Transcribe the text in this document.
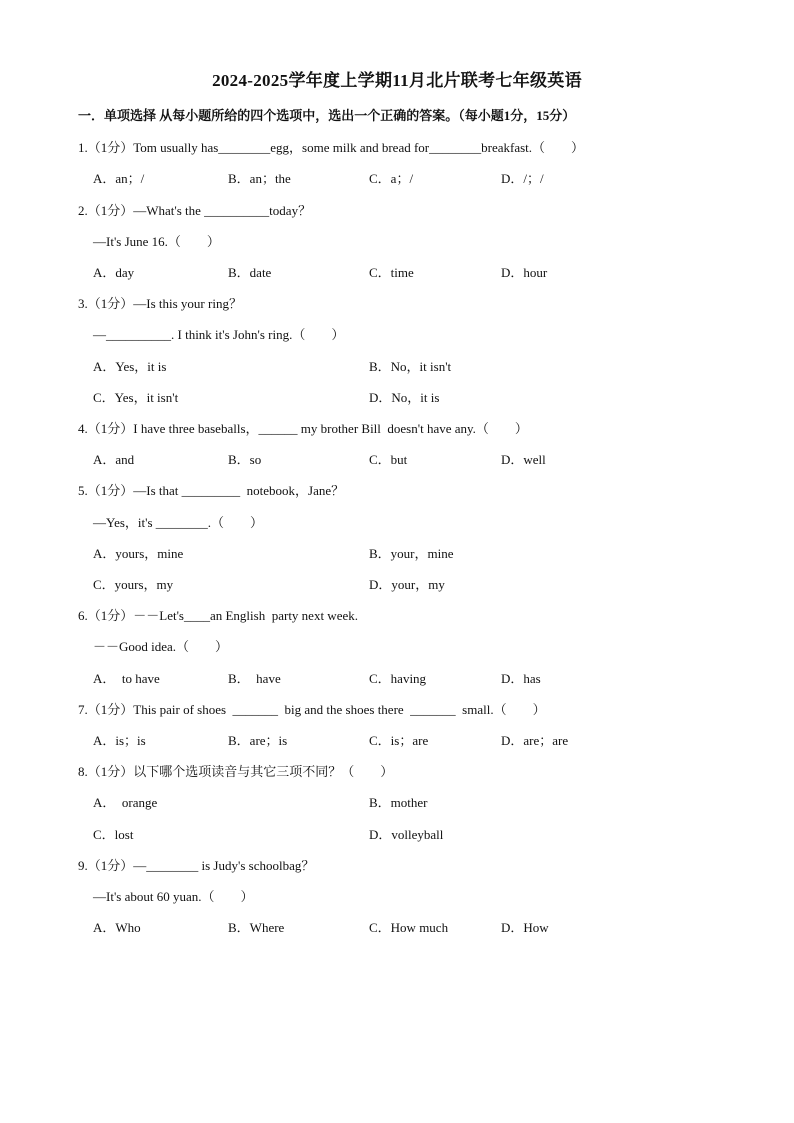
2024-2025学年度上学期11月北片联考七年级英语
一．单项选择 从每小题所给的四个选项中，选出一个正确的答案。（每小题1分，15分）
1.（1分）Tom usually has________egg，some milk and bread for________breakfast.（　　）
A．an；/	B．an；the	C．a；/	D．/；/
2.（1分）—What's the __________today？
—It's June 16.（　　）
A．day	B．date	C．time	D．hour
3.（1分）—Is this your ring？
—__________. I think it's John's ring.（　　）
A．Yes，it is	B．No，it isn't
C．Yes，it isn't	D．No，it is
4.（1分）I have three baseballs，______ my brother Bill  doesn't have any.（　　）
A．and	B．so	C．but	D．well
5.（1分）—Is that _________  notebook，Jane？
—Yes，it's ________.（　　）
A．yours，mine	B．your，mine
C．yours，my	D．your，my
6.（1分）－－Let's____an English  party next week.
－－Good idea.（　　）
A．  to have	B．  have	C．having	D．has
7.（1分）This pair of shoes  _______  big and the shoes there  _______  small.（　　）
A．is；is	B．are；is	C．is；are	D．are；are
8.（1分）以下哪个选项读音与其它三项不同？（　　）
A．  orange	B．mother
C．lost	D．volleyball
9.（1分）—________ is Judy's schoolbag？
—It's about 60 yuan.（　　）
A．Who	B．Where	C．How much	D．How
